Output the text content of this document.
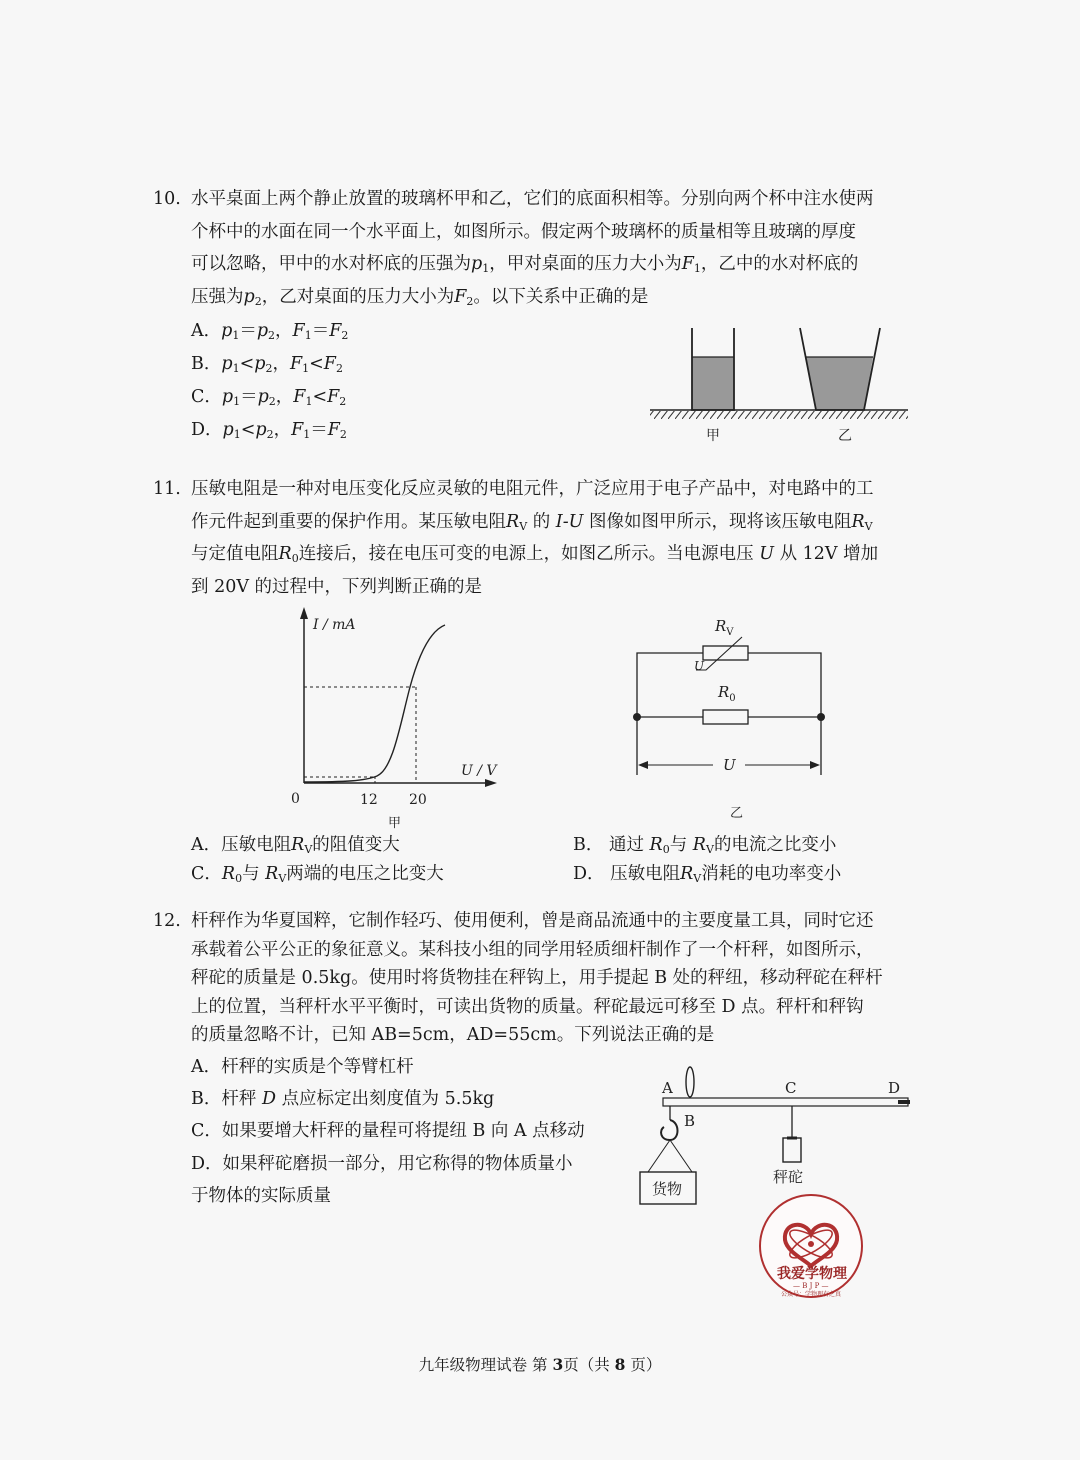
10. 水平桌面上两个静止放置的玻璃杯甲和乙，它们的底面积相等。分别向两个杯中注水使两

个杯中的水面在同一个水平面上，如图所示。假定两个玻璃杯的质量相等且玻璃的厚度

可以忽略，甲中的水对杯底的压强为$p_1$，甲对桌面的压力大小为$F_1$，乙中的水对杯底的

压强为$p_2$，乙对桌面的压力大小为$F_2$。以下关系中正确的是

A．$p_1=p_2$，$F_1=F_2$
B．$p_1<p_2$，$F_1<F_2$
C．$p_1=p_2$，$F_1<F_2$
D．$p_1<p_2$，$F_1=F_2$	甲	乙

11. 压敏电阻是一种对电压变化反应灵敏的电阻元件，广泛应用于电子产品中，对电路中的工

作元件起到重要的保护作用。某压敏电阻$R_V$ 的 I-U 图像如图甲所示，现将该压敏电阻$R_V$

与定值电阻$R_0$连接后，接在电压可变的电源上，如图乙所示。当电源电压 U 从 12V 增加

到 20V 的过程中，下列判断正确的是

I / mA
U / V
0	12 20
甲
$R_V$
U
$R_0$
U
乙
A．压敏电阻$R_V$的阻值变大	B． 通过 $R_0$与 $R_V$的电流之比变小
C．$R_0$与 $R_V$两端的电压之比变大	D． 压敏电阻$R_V$消耗的电功率变小

12. 杆秤作为华夏国粹，它制作轻巧、使用便利，曾是商品流通中的主要度量工具，同时它还

承载着公平公正的象征意义。某科技小组的同学用轻质细杆制作了一个杆秤，如图所示，

秤砣的质量是 0.5kg。使用时将货物挂在秤钩上，用手提起 B 处的秤纽，移动秤砣在秤杆

上的位置，当秤杆水平平衡时，可读出货物的质量。秤砣最远可移至 D 点。秤杆和秤钩

的质量忽略不计，已知 AB=5cm，AD=55cm。下列说法正确的是

A．杆秤的实质是个等臂杠杆
B．杆秤 D 点应标定出刻度值为 5.5kg
C．如果要增大杆秤的量程可将提纽 B 向 A 点移动
D．如果秤砣磨损一部分，用它称得的物体质量小
于物体的实际质量	货物
秤砣
A
B
C	D
我爱学物理
— B J P —
公众号：学物理有之真
九年级物理试卷 第 3页（共 8 页）
